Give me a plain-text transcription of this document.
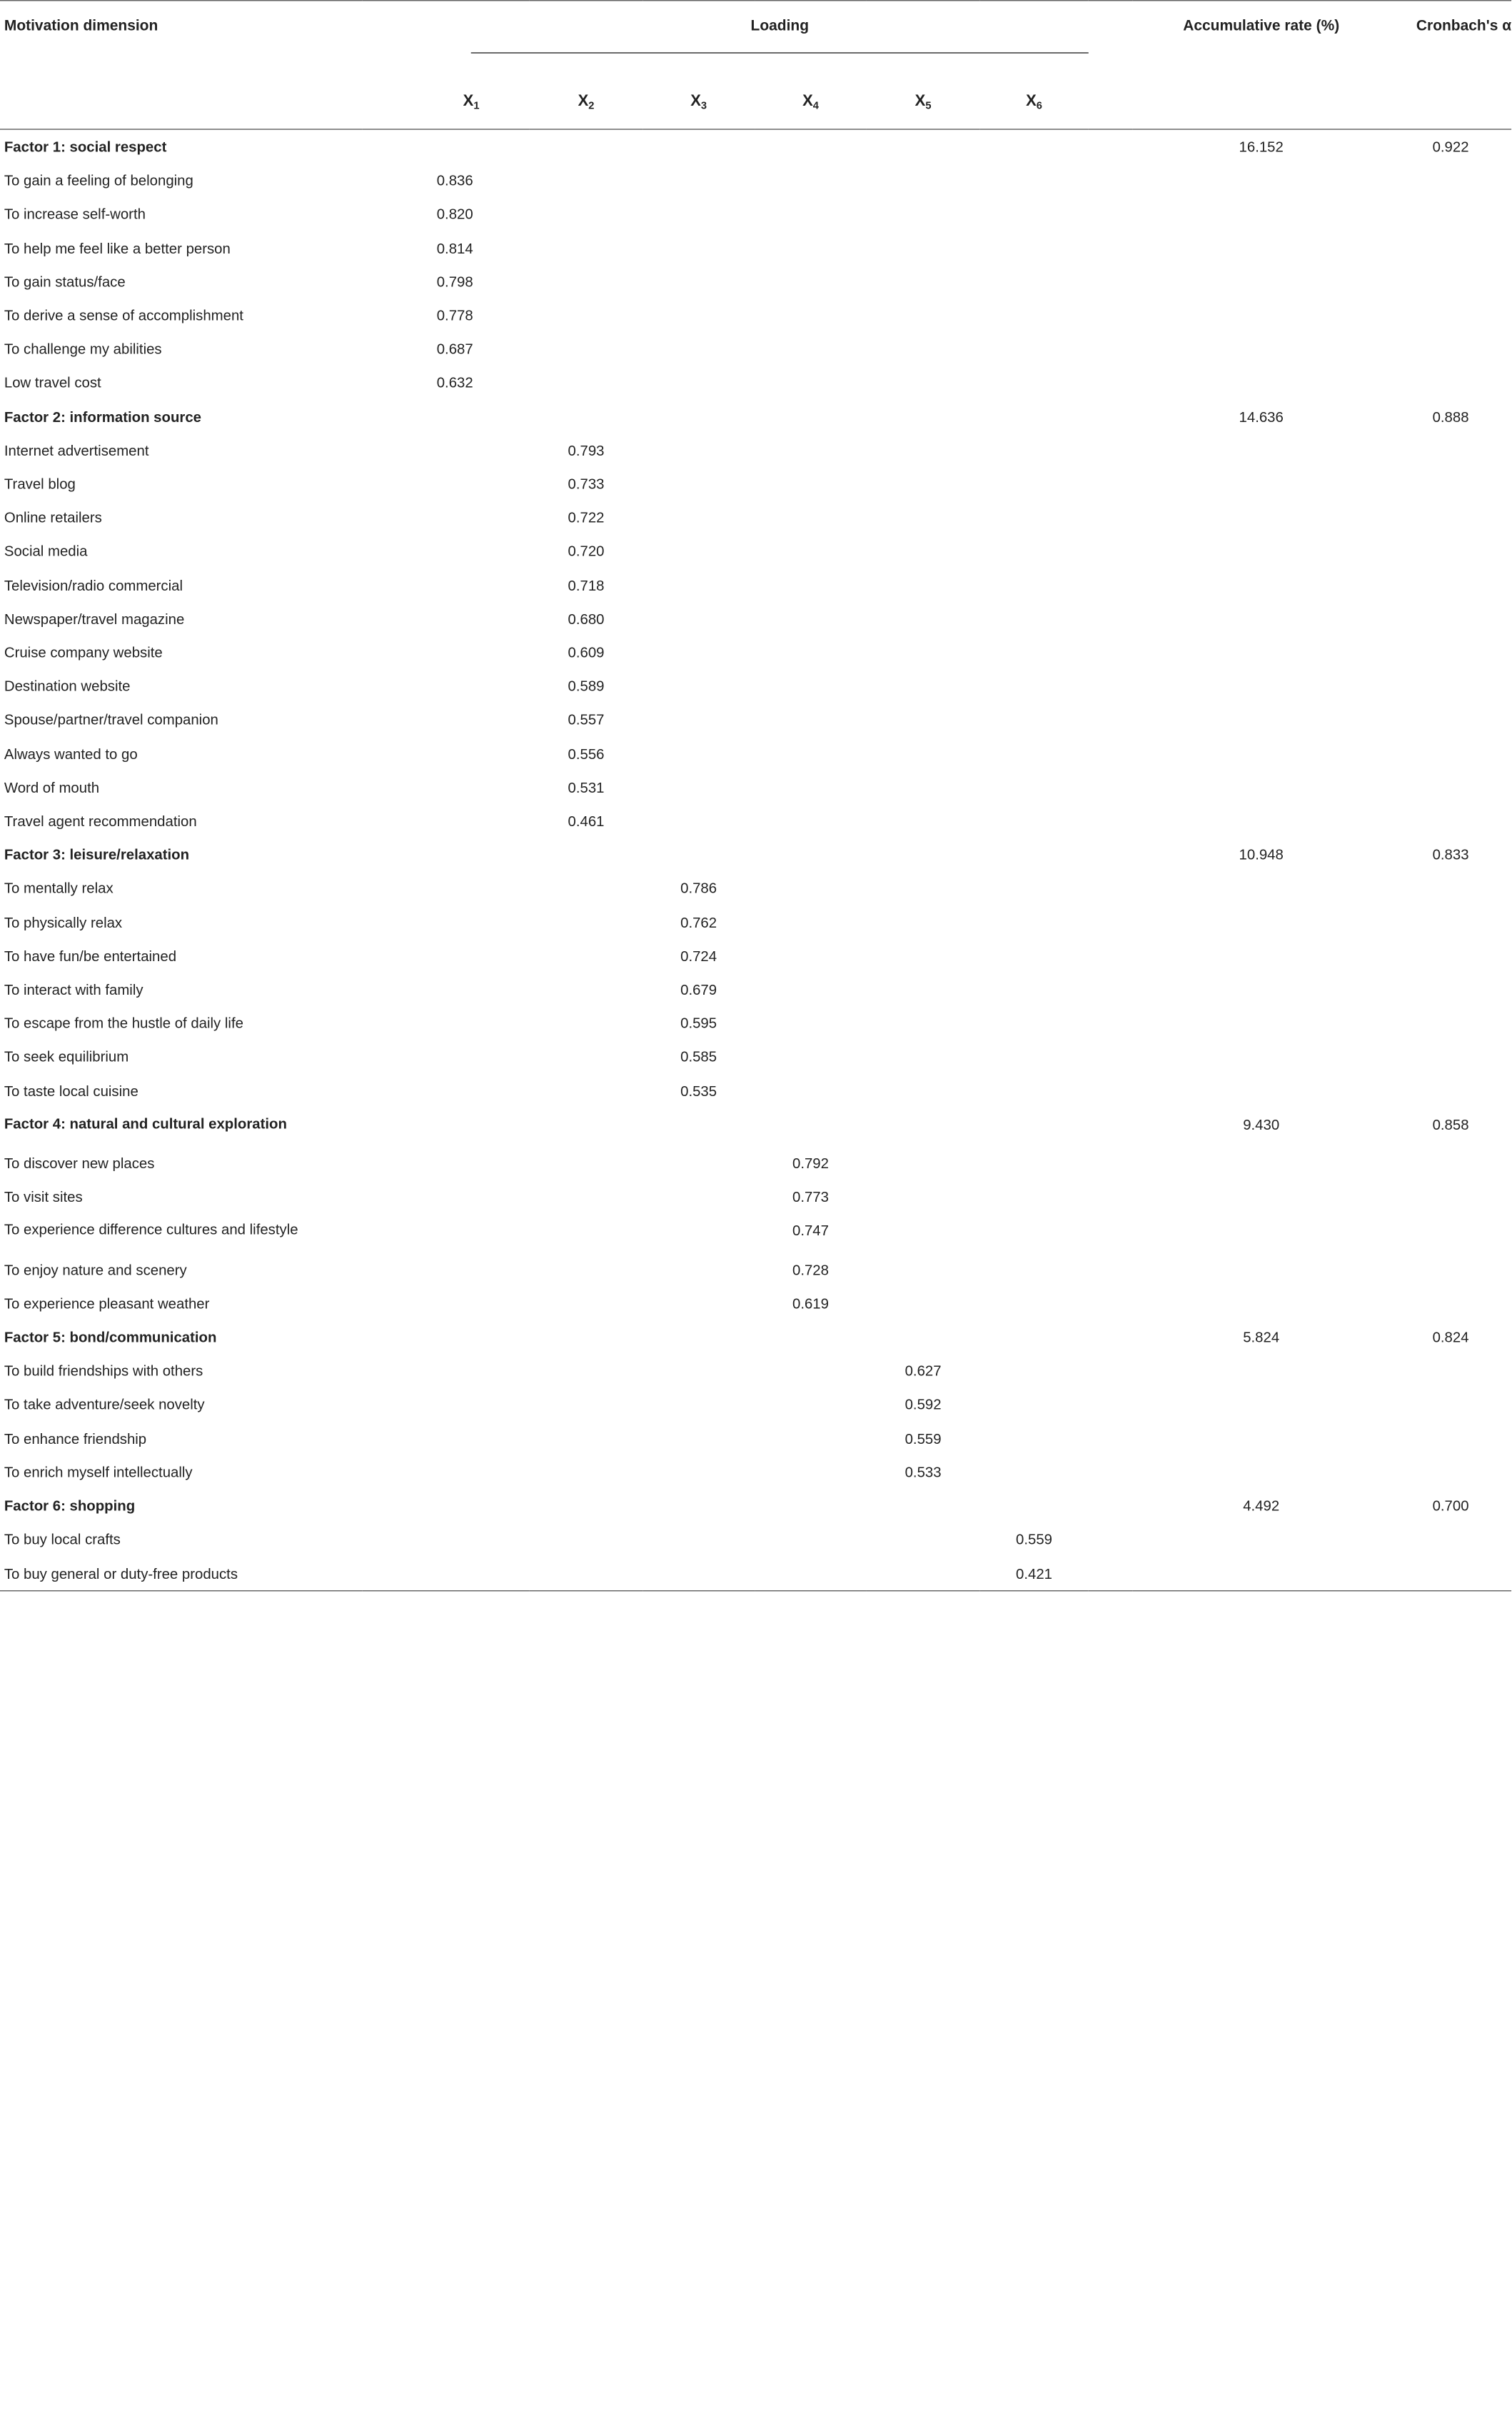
Motivation dimension	Loading							Accumulative rate (%)	Cronbach's α
	$X_1$	$X_2$	$X_3$	$X_4$	$X_5$	$X_6$			
Factor 1: social respect								16.152	0.922
To gain a feeling of belonging	0.836								
To increase self-worth	0.820								
To help me feel like a better person	0.814								
To gain status/face	0.798								
To derive a sense of accomplishment	0.778								
To challenge my abilities	0.687								
Low travel cost	0.632								
Factor 2: information source								14.636	0.888
Internet advertisement		0.793							
Travel blog		0.733							
Online retailers		0.722							
Social media		0.720							
Television/radio commercial		0.718							
Newspaper/travel magazine		0.680							
Cruise company website		0.609							
Destination website		0.589							
Spouse/partner/travel companion		0.557							
Always wanted to go		0.556							
Word of mouth		0.531							
Travel agent recommendation		0.461							
Factor 3: leisure/relaxation								10.948	0.833
To mentally relax			0.786						
To physically relax			0.762						
To have fun/be entertained			0.724						
To interact with family			0.679						
To escape from the hustle of daily life			0.595						
To seek equilibrium			0.585						
To taste local cuisine			0.535						
Factor 4: natural and cultural exploration								9.430	0.858
To discover new places				0.792					
To visit sites				0.773					
To experience difference cultures and lifestyle				0.747					
To enjoy nature and scenery				0.728					
To experience pleasant weather				0.619					
Factor 5: bond/communication								5.824	0.824
To build friendships with others					0.627				
To take adventure/seek novelty					0.592				
To enhance friendship					0.559				
To enrich myself intellectually					0.533				
Factor 6: shopping								4.492	0.700
To buy local crafts						0.559			
To buy general or duty-free products						0.421			
